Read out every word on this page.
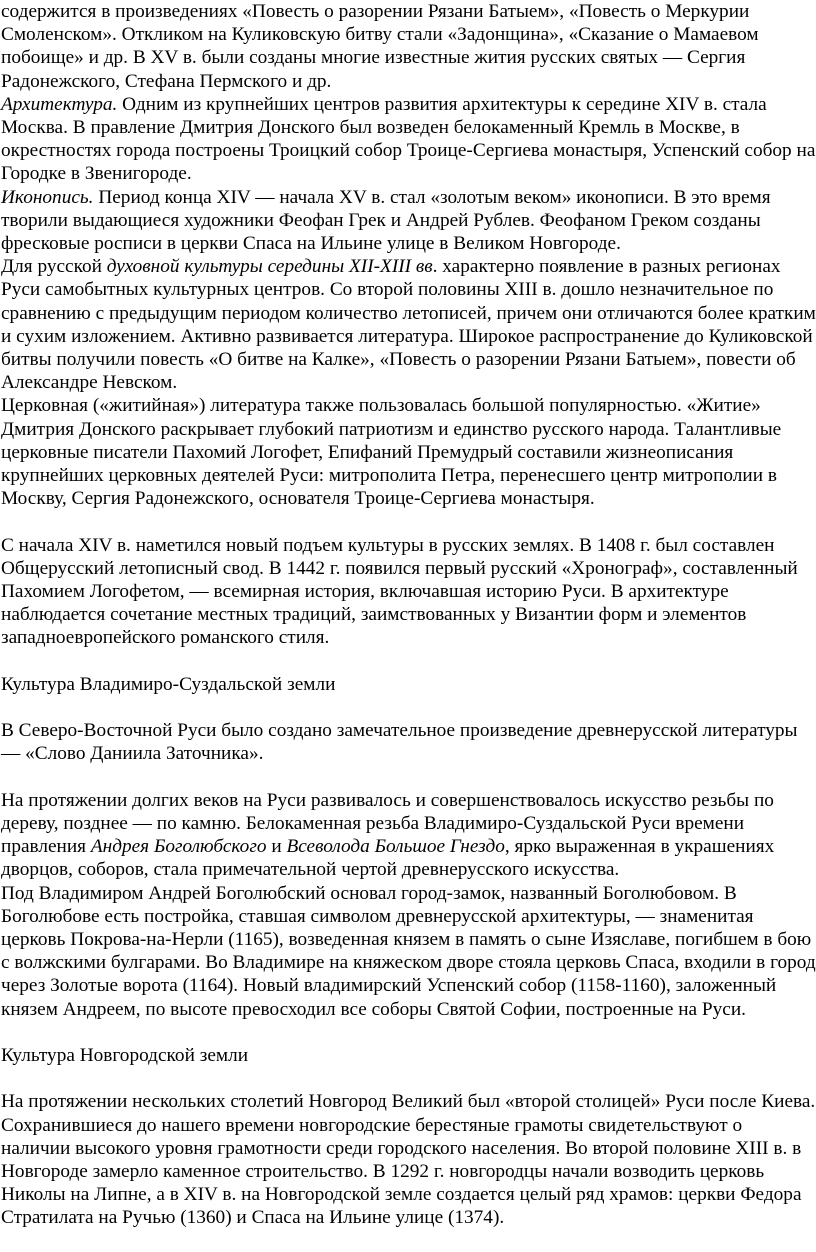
содержится в произведениях «Повесть о разорении Рязани Батыем», «Повесть о Меркурии Смоленском». Откликом на Куликовскую битву стали «Задонщина», «Сказание о Мамаевом побоище» и др. В XV в. были созданы многие известные жития русских святых — Сергия Радонежского, Стефана Пермского и др.

Архитектура. Одним из крупнейших центров развития архитектуры к середине XIV в. стала Москва. В правление Дмитрия Донского был возведен белокаменный Кремль в Москве, в окрестностях города построены Троицкий собор Троице-Сергиева монастыря, Успенский собор на Городке в Звенигороде.

Иконопись. Период конца XIV — начала XV в. стал «золотым веком» иконописи. В это время творили выдающиеся художники Феофан Грек и Андрей Рублев. Феофаном Греком созданы фресковые росписи в церкви Спаса на Ильине улице в Великом Новгороде.

Для русской духовной культуры середины XII-XIII вв. характерно появление в разных регионах Руси самобытных культурных центров. Со второй половины XIII в. дошло незначительное по сравнению с предыдущим периодом количество летописей, причем они отличаются более кратким и сухим изложением. Активно развивается литература. Широкое распространение до Куликовской битвы получили повесть «О битве на Калке», «Повесть о разорении Рязани Батыем», повести об Александре Невском.

Церковная («житийная») литература также пользовалась большой популярностью. «Житие» Дмитрия Донского раскрывает глубокий патриотизм и единство русского народа. Талантливые церковные писатели Пахомий Логофет, Епифаний Премудрый составили жизнеописания крупнейших церковных деятелей Руси: митрополита Петра, перенесшего центр митрополии в Москву, Сергия Радонежского, основателя Троице-Сергиева монастыря.

С начала XIV в. наметился новый подъем культуры в русских землях. В 1408 г. был составлен Общерусский летописный свод. В 1442 г. появился первый русский «Хронограф», составленный Пахомием Логофетом, — всемирная история, включавшая историю Руси. В архитектуре наблюдается сочетание местных традиций, заимствованных у Византии форм и элементов западноевропейского романского стиля.

Культура Владимиро-Суздальской земли

В Северо-Восточной Руси было создано замечательное произведение древнерусской литературы — «Слово Даниила Заточника».

На протяжении долгих веков на Руси развивалось и совершенствовалось искусство резьбы по дереву, позднее — по камню. Белокаменная резьба Владимиро-Суздальской Руси времени правления Андрея Боголюбского и Всеволода Большое Гнездо, ярко выраженная в украшениях дворцов, соборов, стала примечательной чертой древнерусского искусства.

Под Владимиром Андрей Боголюбский основал город-замок, названный Боголюбовом. В Боголюбове есть постройка, ставшая символом древнерусской архитектуры, — знаменитая церковь Покрова-на-Нерли (1165), возведенная князем в память о сыне Изяславе, погибшем в бою с волжскими булгарами. Во Владимире на княжеском дворе стояла церковь Спаса, входили в город через Золотые ворота (1164). Новый владимирский Успенский собор (1158-1160), заложенный князем Андреем, по высоте превосходил все соборы Святой Софии, построенные на Руси.

Культура Новгородской земли

На протяжении нескольких столетий Новгород Великий был «второй столицей» Руси после Киева. Сохранившиеся до нашего времени новгородские берестяные грамоты свидетельствуют о наличии высокого уровня грамотности среди городского населения. Во второй половине XIII в. в Новгороде замерло каменное строительство. В 1292 г. новгородцы начали возводить церковь Николы на Липне, а в XIV в. на Новгородской земле создается целый ряд храмов: церкви Федора Стратилата на Ручью (1360) и Спаса на Ильине улице (1374).
